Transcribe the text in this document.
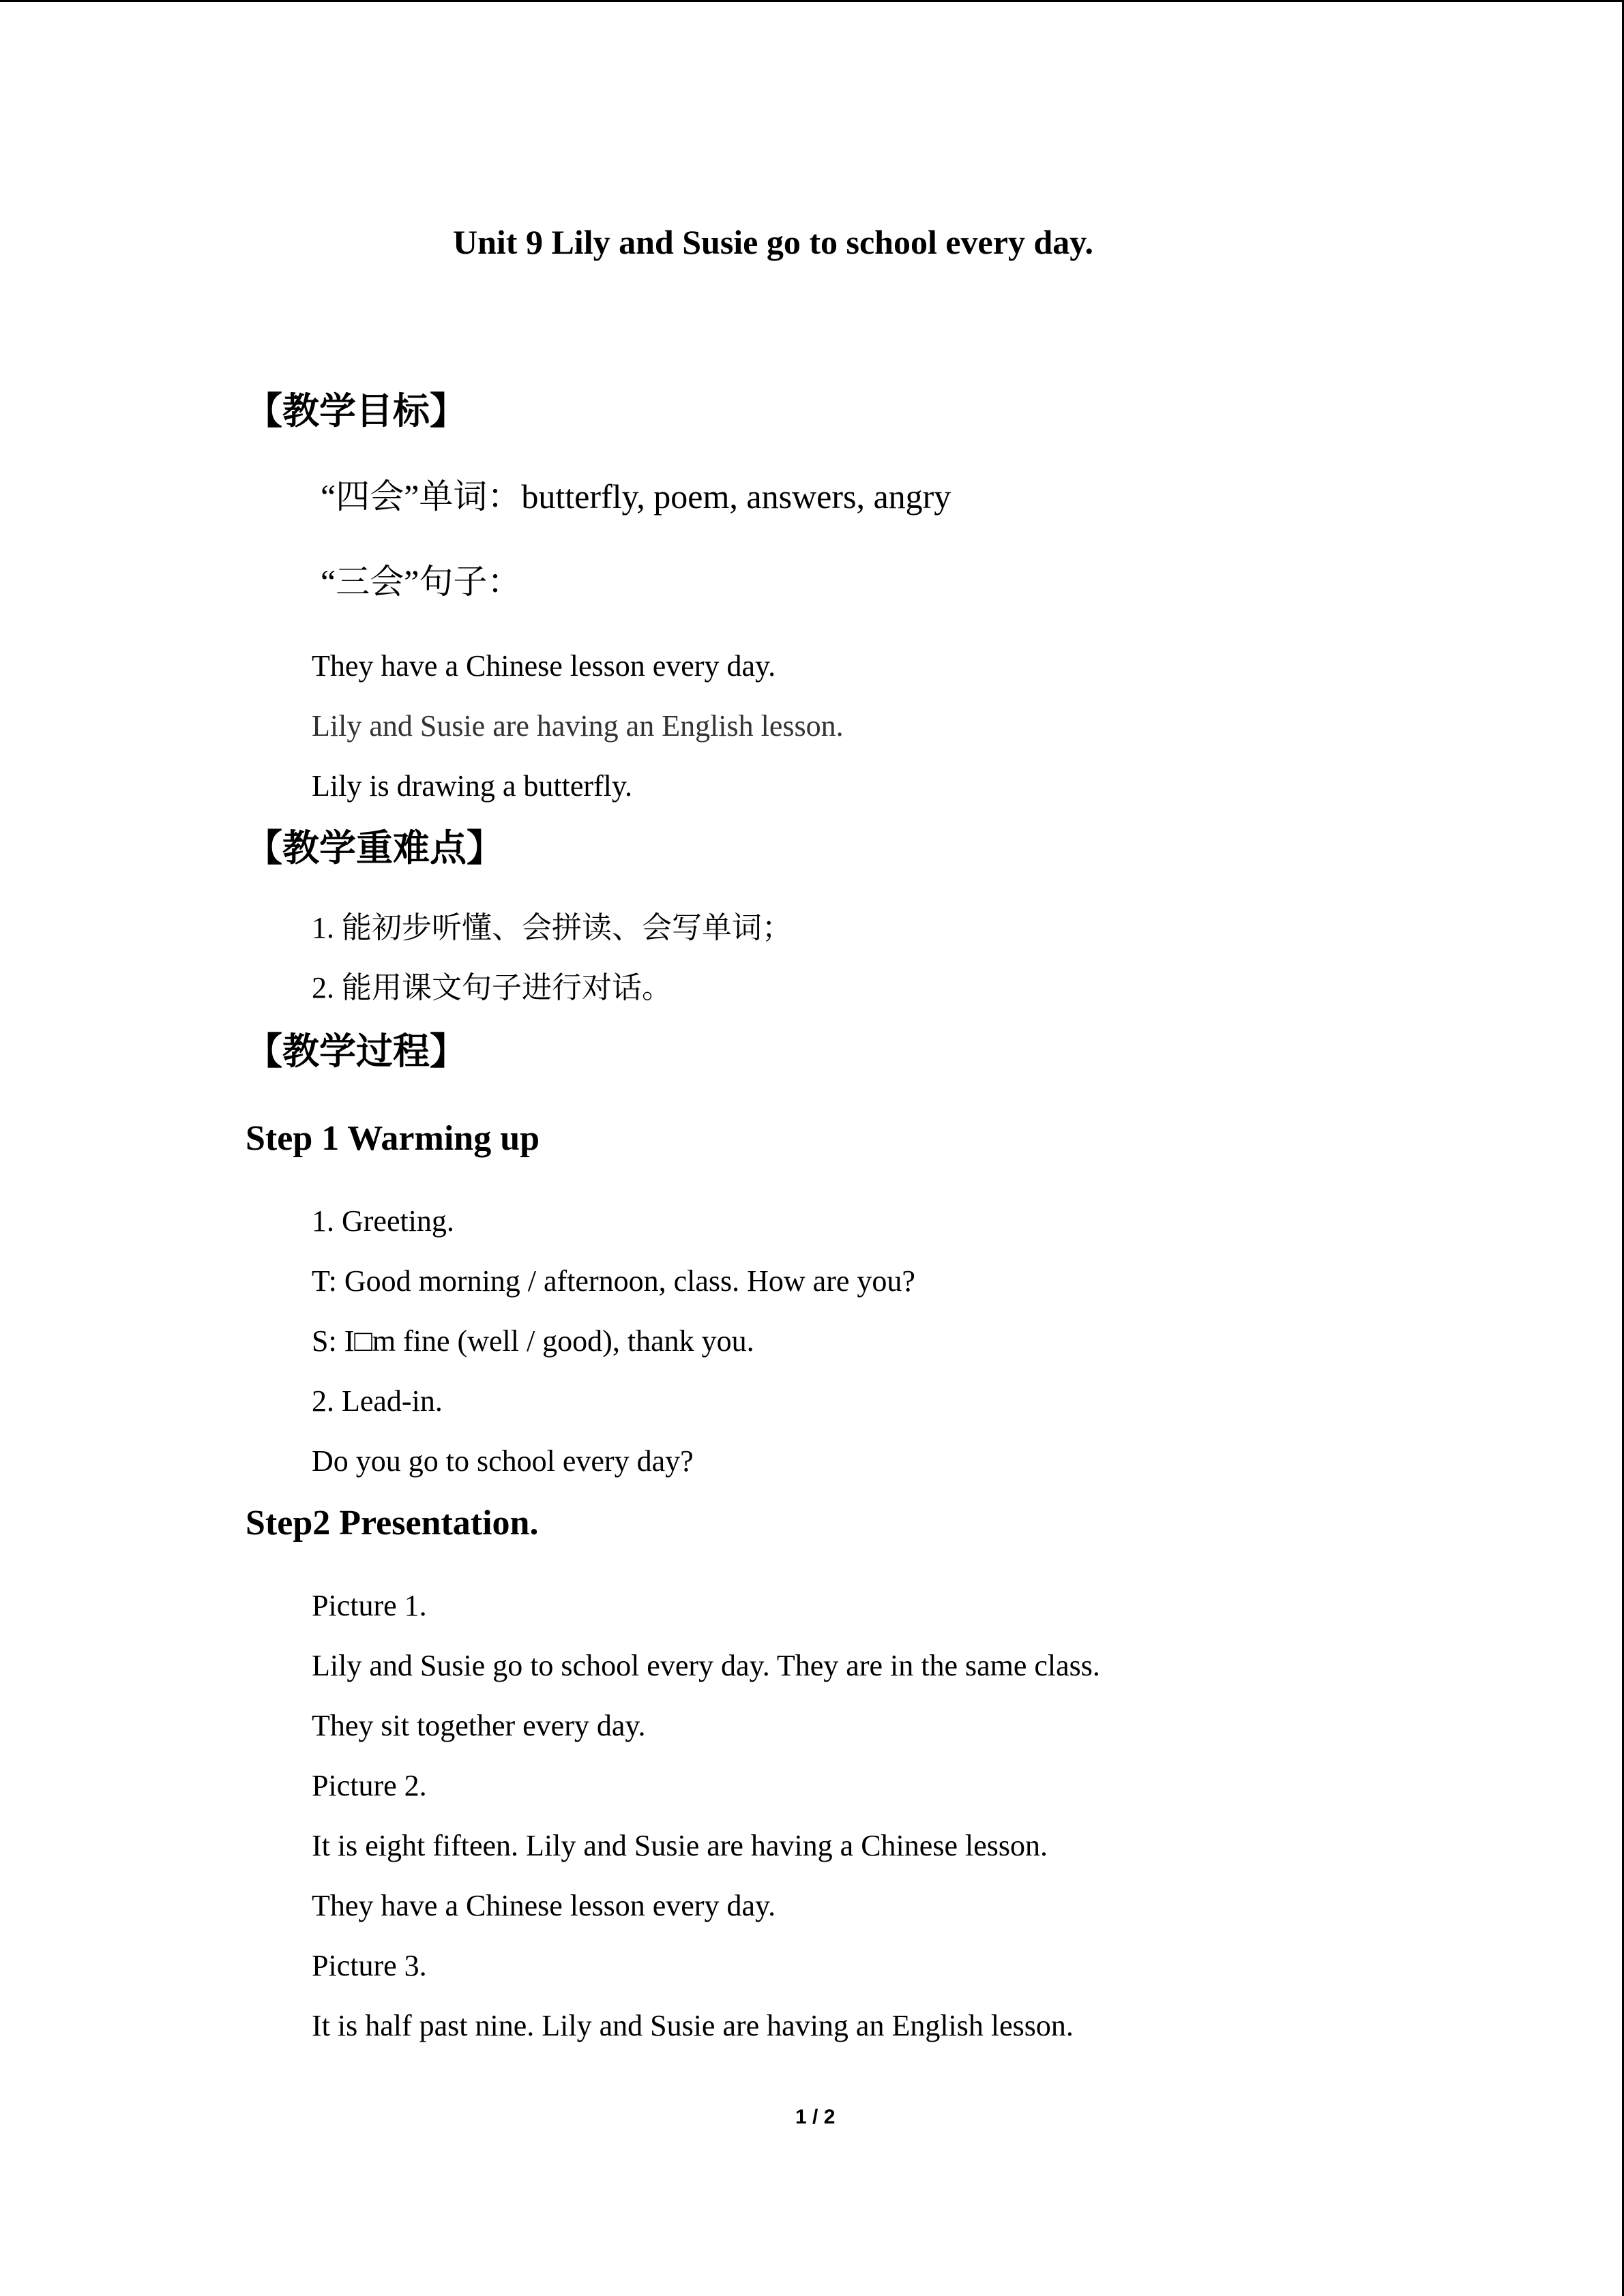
Unit 9 Lily and Susie go to school every day.
【教学目标】
“四会”单词：butterfly, poem, answers, angry
“三会”句子：
They have a Chinese lesson every day.
Lily and Susie are having an English lesson.
Lily is drawing a butterfly.
【教学重难点】
1. 能初步听懂、会拼读、会写单词；
2. 能用课文句子进行对话。
【教学过程】
Step 1 Warming up
1. Greeting.
T: Good morning / afternoon, class. How are you?
S: I□m fine (well / good), thank you.
2. Lead-in.
Do you go to school every day?
Step2 Presentation.
Picture 1.
Lily and Susie go to school every day. They are in the same class.
They sit together every day.
Picture 2.
It is eight fifteen. Lily and Susie are having a Chinese lesson.
They have a Chinese lesson every day.
Picture 3.
It is half past nine. Lily and Susie are having an English lesson.
1 / 2
